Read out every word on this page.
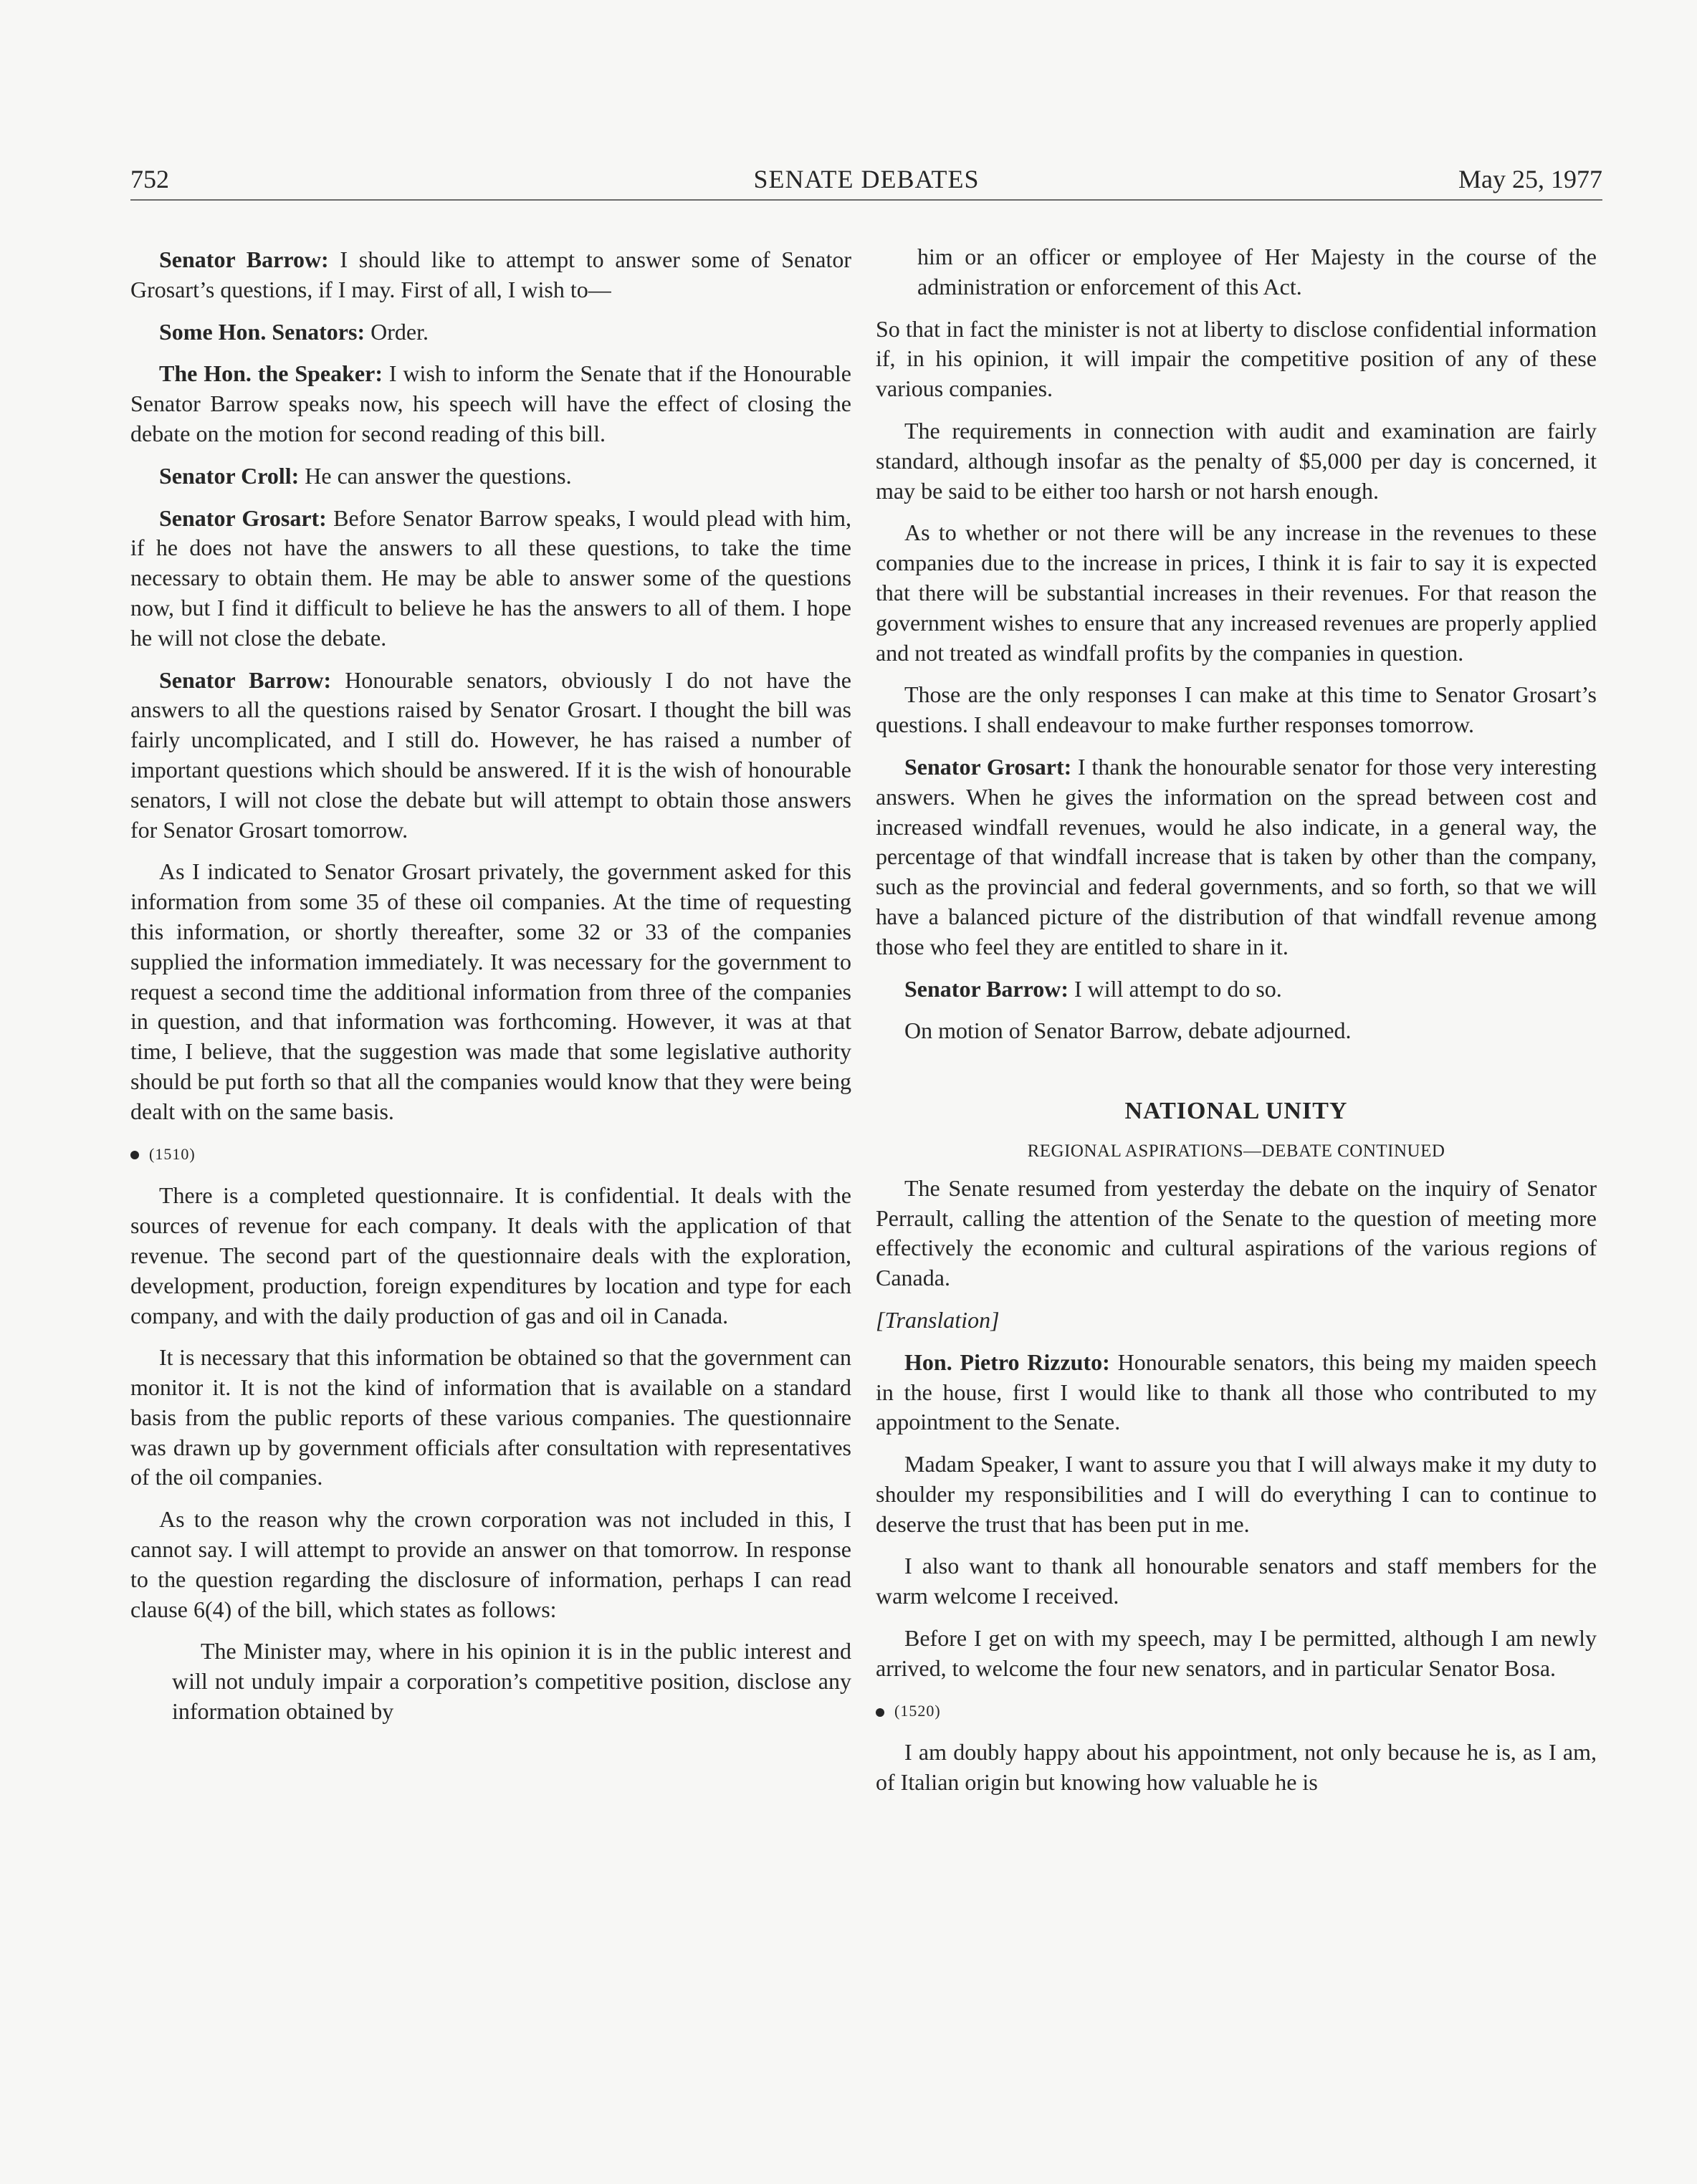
752	SENATE DEBATES	May 25, 1977

Senator Barrow: I should like to attempt to answer some of Senator Grosart’s questions, if I may. First of all, I wish to—

Some Hon. Senators: Order.

The Hon. the Speaker: I wish to inform the Senate that if the Honourable Senator Barrow speaks now, his speech will have the effect of closing the debate on the motion for second reading of this bill.

Senator Croll: He can answer the questions.

Senator Grosart: Before Senator Barrow speaks, I would plead with him, if he does not have the answers to all these questions, to take the time necessary to obtain them. He may be able to answer some of the questions now, but I find it difficult to believe he has the answers to all of them. I hope he will not close the debate.

Senator Barrow: Honourable senators, obviously I do not have the answers to all the questions raised by Senator Grosart. I thought the bill was fairly uncomplicated, and I still do. However, he has raised a number of important questions which should be answered. If it is the wish of honourable senators, I will not close the debate but will attempt to obtain those answers for Senator Grosart tomorrow.

As I indicated to Senator Grosart privately, the government asked for this information from some 35 of these oil companies. At the time of requesting this information, or shortly thereafter, some 32 or 33 of the companies supplied the information immediately. It was necessary for the government to request a second time the additional information from three of the companies in question, and that information was forthcoming. However, it was at that time, I believe, that the suggestion was made that some legislative authority should be put forth so that all the companies would know that they were being dealt with on the same basis.

(1510)

There is a completed questionnaire. It is confidential. It deals with the sources of revenue for each company. It deals with the application of that revenue. The second part of the questionnaire deals with the exploration, development, production, foreign expenditures by location and type for each company, and with the daily production of gas and oil in Canada.

It is necessary that this information be obtained so that the government can monitor it. It is not the kind of information that is available on a standard basis from the public reports of these various companies. The questionnaire was drawn up by government officials after consultation with representatives of the oil companies.

As to the reason why the crown corporation was not included in this, I cannot say. I will attempt to provide an answer on that tomorrow. In response to the question regarding the disclosure of information, perhaps I can read clause 6(4) of the bill, which states as follows:

The Minister may, where in his opinion it is in the public interest and will not unduly impair a corporation’s competitive position, disclose any information obtained by

him or an officer or employee of Her Majesty in the course of the administration or enforcement of this Act.

So that in fact the minister is not at liberty to disclose confidential information if, in his opinion, it will impair the competitive position of any of these various companies.

The requirements in connection with audit and examination are fairly standard, although insofar as the penalty of $5,000 per day is concerned, it may be said to be either too harsh or not harsh enough.

As to whether or not there will be any increase in the revenues to these companies due to the increase in prices, I think it is fair to say it is expected that there will be substantial increases in their revenues. For that reason the government wishes to ensure that any increased revenues are properly applied and not treated as windfall profits by the companies in question.

Those are the only responses I can make at this time to Senator Grosart’s questions. I shall endeavour to make further responses tomorrow.

Senator Grosart: I thank the honourable senator for those very interesting answers. When he gives the information on the spread between cost and increased windfall revenues, would he also indicate, in a general way, the percentage of that windfall increase that is taken by other than the company, such as the provincial and federal governments, and so forth, so that we will have a balanced picture of the distribution of that windfall revenue among those who feel they are entitled to share in it.

Senator Barrow: I will attempt to do so.

On motion of Senator Barrow, debate adjourned.

NATIONAL UNITY
REGIONAL ASPIRATIONS—DEBATE CONTINUED

The Senate resumed from yesterday the debate on the inquiry of Senator Perrault, calling the attention of the Senate to the question of meeting more effectively the economic and cultural aspirations of the various regions of Canada.

[Translation]

Hon. Pietro Rizzuto: Honourable senators, this being my maiden speech in the house, first I would like to thank all those who contributed to my appointment to the Senate.

Madam Speaker, I want to assure you that I will always make it my duty to shoulder my responsibilities and I will do everything I can to continue to deserve the trust that has been put in me.

I also want to thank all honourable senators and staff members for the warm welcome I received.

Before I get on with my speech, may I be permitted, although I am newly arrived, to welcome the four new senators, and in particular Senator Bosa.

(1520)

I am doubly happy about his appointment, not only because he is, as I am, of Italian origin but knowing how valuable he is
